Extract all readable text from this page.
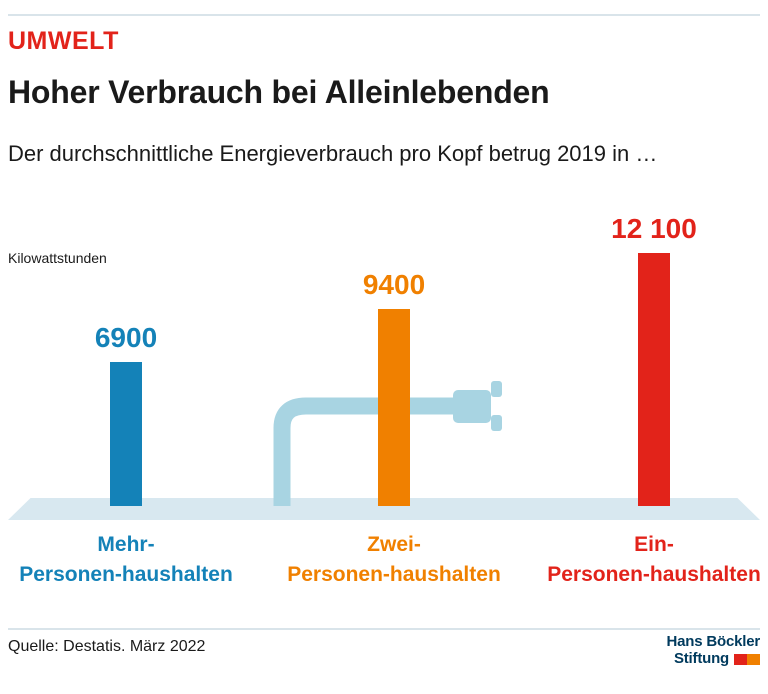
UMWELT
Hoher Verbrauch bei Alleinlebenden
Der durchschnittliche Energieverbrauch pro Kopf betrug 2019 in …
Kilowattstunden
6900
9400
12 100
Mehr-
Personen-haushalten
Zwei-
Personen-haushalten
Ein-
Personen-haushalten
Quelle: Destatis. März 2022	Hans Böckler
Stiftung
